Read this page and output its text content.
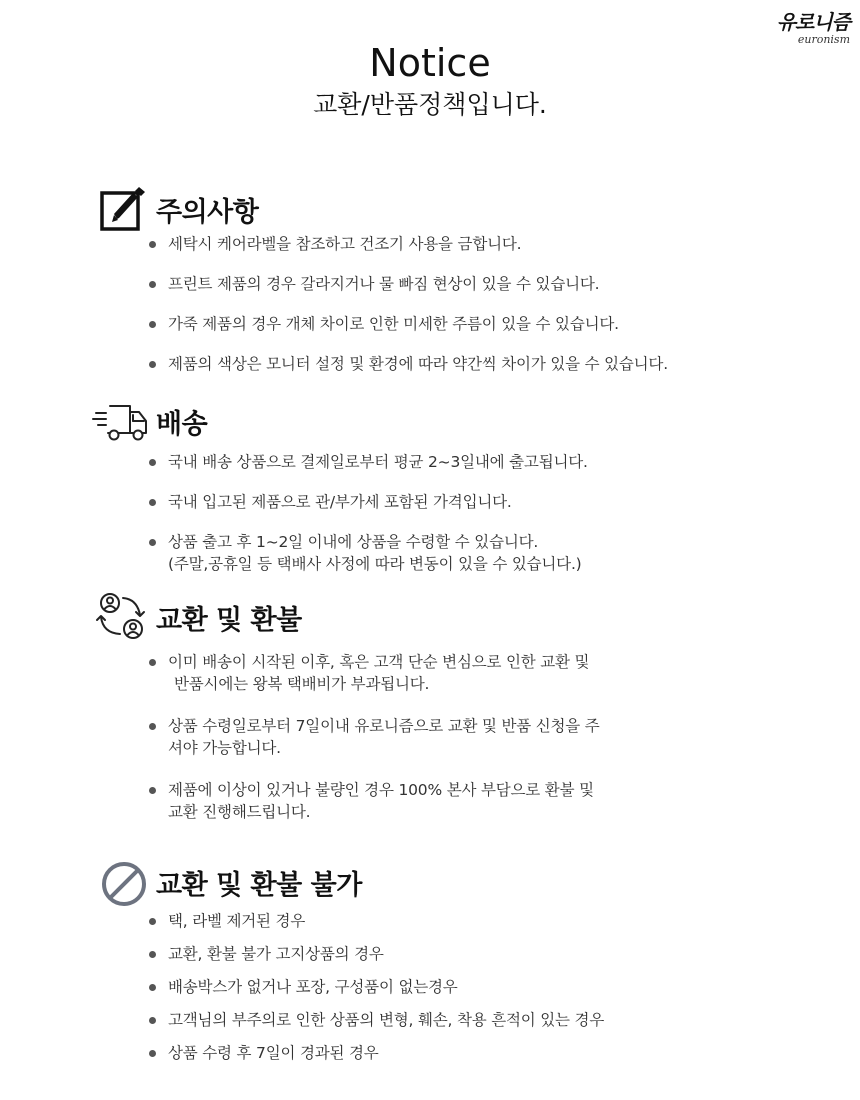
유로니즘
euronism
Notice
교환/반품정책입니다.
주의사항
세탁시 케어라벨을 참조하고 건조기 사용을 금합니다.
프린트 제품의 경우 갈라지거나 물 빠짐 현상이 있을 수 있습니다.
가죽 제품의 경우 개체 차이로 인한 미세한 주름이 있을 수 있습니다.
제품의 색상은 모니터 설정 및 환경에 따라 약간씩 차이가 있을 수 있습니다.
배송
국내 배송 상품으로 결제일로부터 평균 2~3일내에 출고됩니다.
국내 입고된 제품으로 관/부가세 포함된 가격입니다.
상품 출고 후 1~2일 이내에 상품을 수령할 수 있습니다.
(주말,공휴일 등 택배사 사정에 따라 변동이 있을 수 있습니다.)
교환 및 환불
이미 배송이 시작된 이후, 혹은 고객 단순 변심으로 인한 교환 및
반품시에는 왕복 택배비가 부과됩니다.
상품 수령일로부터 7일이내 유로니즘으로 교환 및 반품 신청을 주
셔야 가능합니다.
제품에 이상이 있거나 불량인 경우 100% 본사 부담으로 환불 및
교환 진행해드립니다.
교환 및 환불 불가
택, 라벨 제거된 경우
교환, 환불 불가 고지상품의 경우
배송박스가 없거나 포장, 구성품이 없는경우
고객님의 부주의로 인한 상품의 변형, 훼손, 착용 흔적이 있는 경우
상품 수령 후 7일이 경과된 경우
